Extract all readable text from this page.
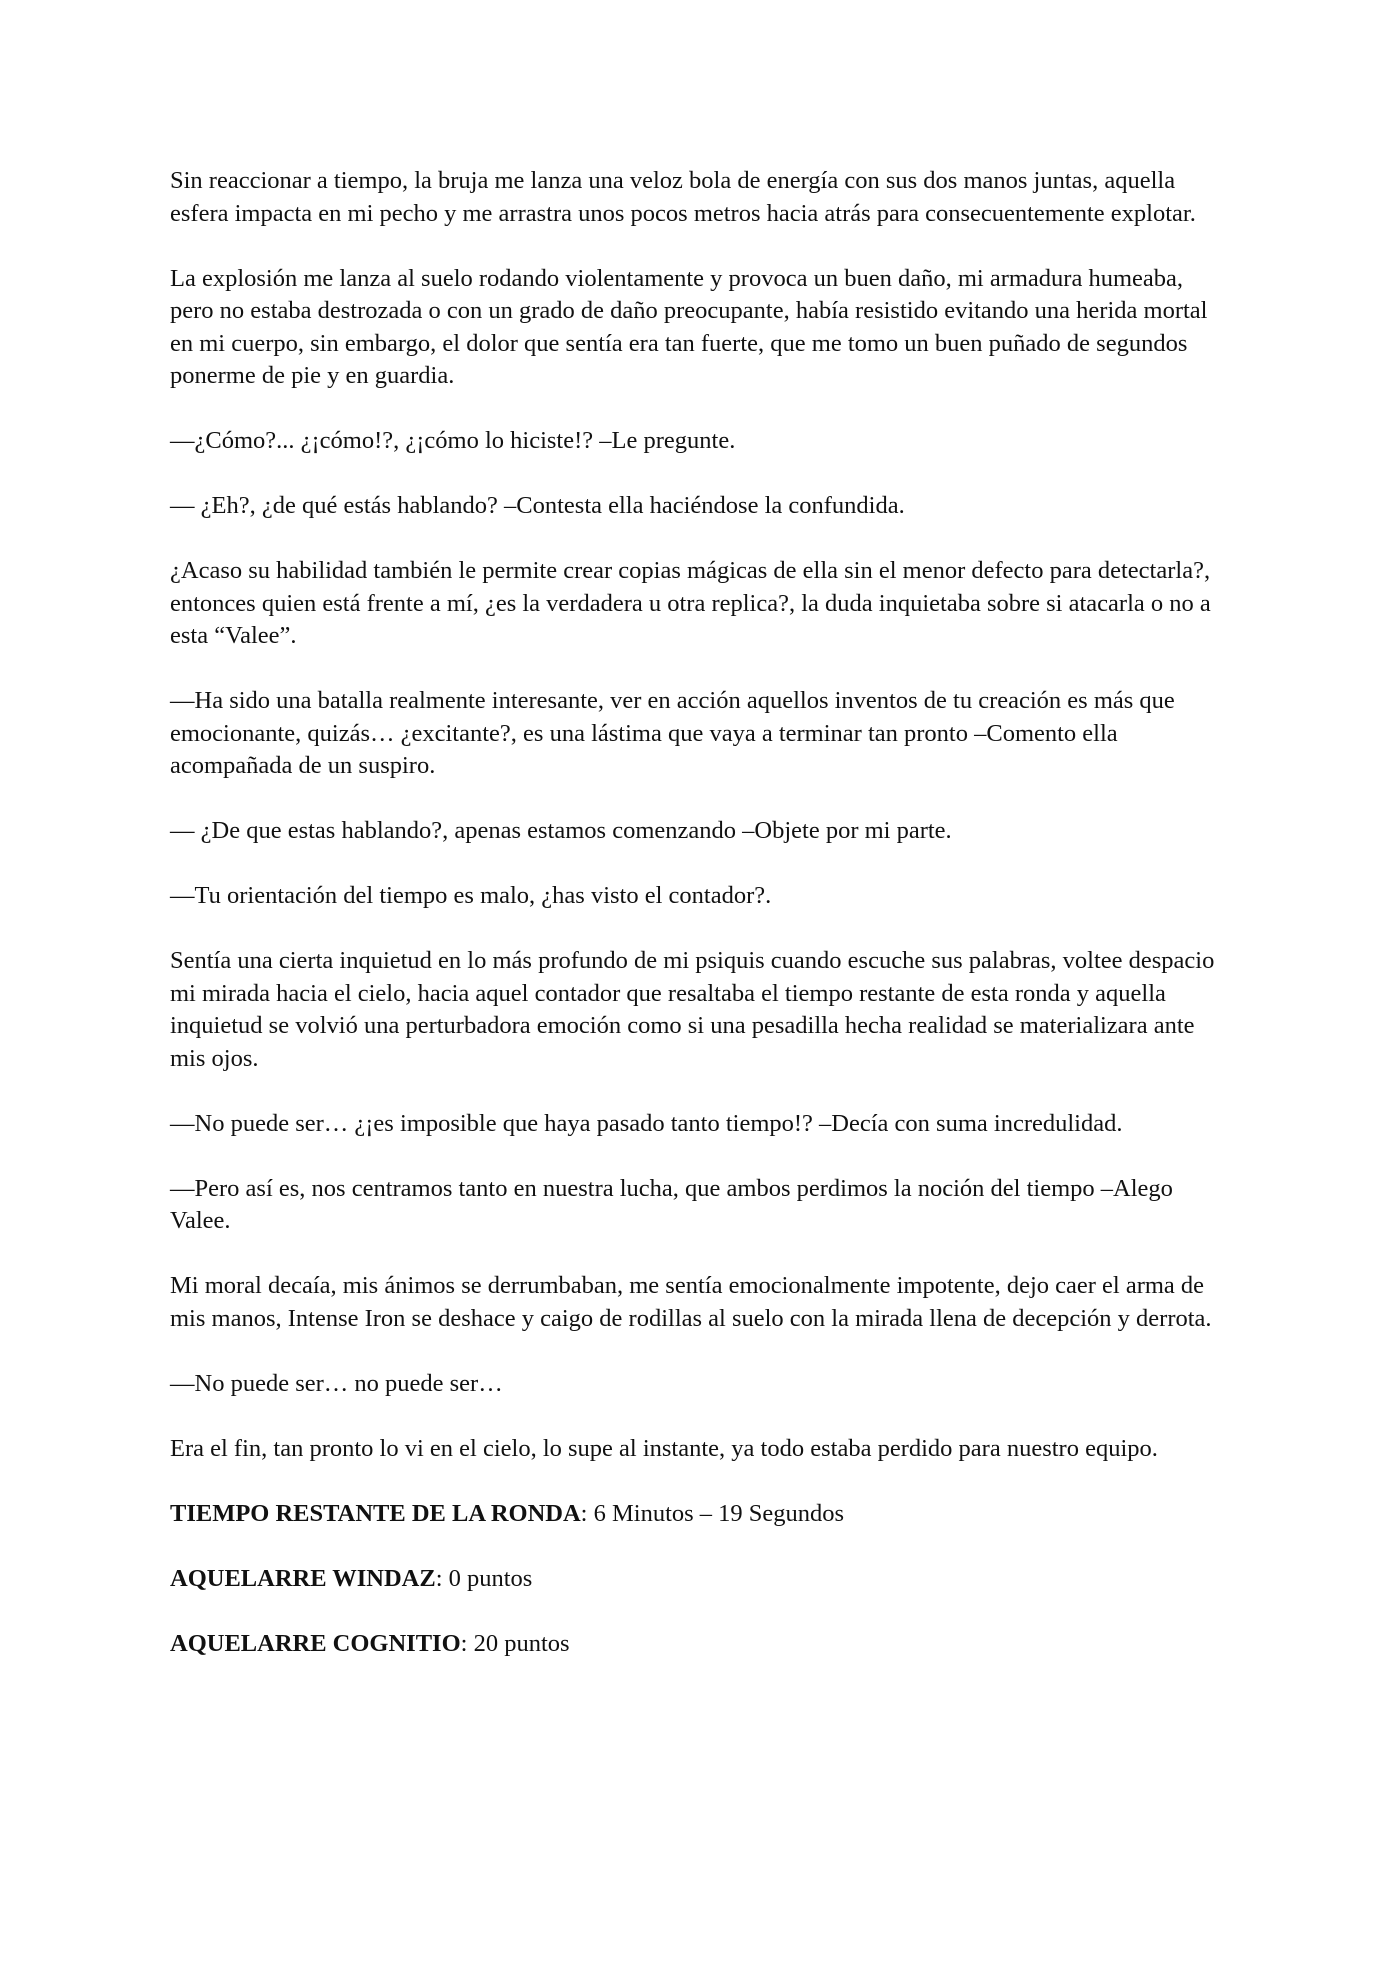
Sin reaccionar a tiempo, la bruja me lanza una veloz bola de energía con sus dos manos juntas, aquella esfera impacta en mi pecho y me arrastra unos pocos metros hacia atrás para consecuentemente explotar.

La explosión me lanza al suelo rodando violentamente y provoca un buen daño, mi armadura humeaba, pero no estaba destrozada o con un grado de daño preocupante, había resistido evitando una herida mortal en mi cuerpo, sin embargo, el dolor que sentía era tan fuerte, que me tomo un buen puñado de segundos ponerme de pie y en guardia.

—¿Cómo?... ¿¡cómo!?, ¿¡cómo lo hiciste!? –Le pregunte.

— ¿Eh?, ¿de qué estás hablando? –Contesta ella haciéndose la confundida.

¿Acaso su habilidad también le permite crear copias mágicas de ella sin el menor defecto para detectarla?, entonces quien está frente a mí, ¿es la verdadera u otra replica?, la duda inquietaba sobre si atacarla o no a esta “Valee”.

—Ha sido una batalla realmente interesante, ver en acción aquellos inventos de tu creación es más que emocionante, quizás… ¿excitante?, es una lástima que vaya a terminar tan pronto –Comento ella acompañada de un suspiro.

— ¿De que estas hablando?, apenas estamos comenzando –Objete por mi parte.

—Tu orientación del tiempo es malo, ¿has visto el contador?.

Sentía una cierta inquietud en lo más profundo de mi psiquis cuando escuche sus palabras, voltee despacio mi mirada hacia el cielo, hacia aquel contador que resaltaba el tiempo restante de esta ronda y aquella inquietud se volvió una perturbadora emoción como si una pesadilla hecha realidad se materializara ante mis ojos.

—No puede ser… ¿¡es imposible que haya pasado tanto tiempo!? –Decía con suma incredulidad.

—Pero así es, nos centramos tanto en nuestra lucha, que ambos perdimos la noción del tiempo –Alego Valee.

Mi moral decaía, mis ánimos se derrumbaban, me sentía emocionalmente impotente, dejo caer el arma de mis manos, Intense Iron se deshace y caigo de rodillas al suelo con la mirada llena de decepción y derrota.

—No puede ser… no puede ser…

Era el fin, tan pronto lo vi en el cielo, lo supe al instante, ya todo estaba perdido para nuestro equipo.

TIEMPO RESTANTE DE LA RONDA: 6 Minutos – 19 Segundos

AQUELARRE WINDAZ: 0 puntos

AQUELARRE COGNITIO: 20 puntos
